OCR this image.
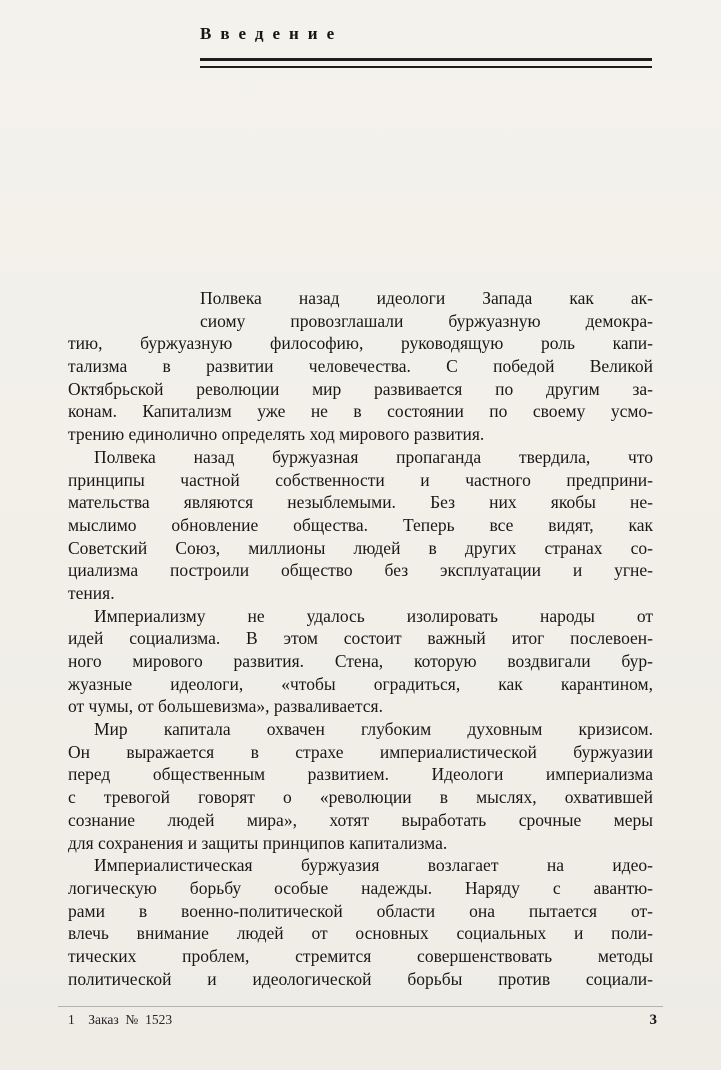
Введение
Полвека назад идеологи Запада как ак-
сиому провозглашали буржуазную демокра-
тию, буржуазную философию, руководящую роль капи-
тализма в развитии человечества. С победой Великой
Октябрьской революции мир развивается по другим за-
конам. Капитализм уже не в состоянии по своему усмо-
трению единолично определять ход мирового развития.
Полвека назад буржуазная пропаганда твердила, что
принципы частной собственности и частного предприни-
мательства являются незыблемыми. Без них якобы не-
мыслимо обновление общества. Теперь все видят, как
Советский Союз, миллионы людей в других странах со-
циализма построили общество без эксплуатации и угне-
тения.
Империализму не удалось изолировать народы от
идей социализма. В этом состоит важный итог послевоен-
ного мирового развития. Стена, которую воздвигали бур-
жуазные идеологи, «чтобы оградиться, как карантином,
от чумы, от большевизма», разваливается.
Мир капитала охвачен глубоким духовным кризисом.
Он выражается в страхе империалистической буржуазии
перед общественным развитием. Идеологи империализма
с тревогой говорят о «революции в мыслях, охватившей
сознание людей мира», хотят выработать срочные меры
для сохранения и защиты принципов капитализма.
Империалистическая буржуазия возлагает на идео-
логическую борьбу особые надежды. Наряду с авантю-
рами в военно-политической области она пытается от-
влечь внимание людей от основных социальных и поли-
тических проблем, стремится совершенствовать методы
политической и идеологической борьбы против социали-
1    Заказ  №  1523	3
